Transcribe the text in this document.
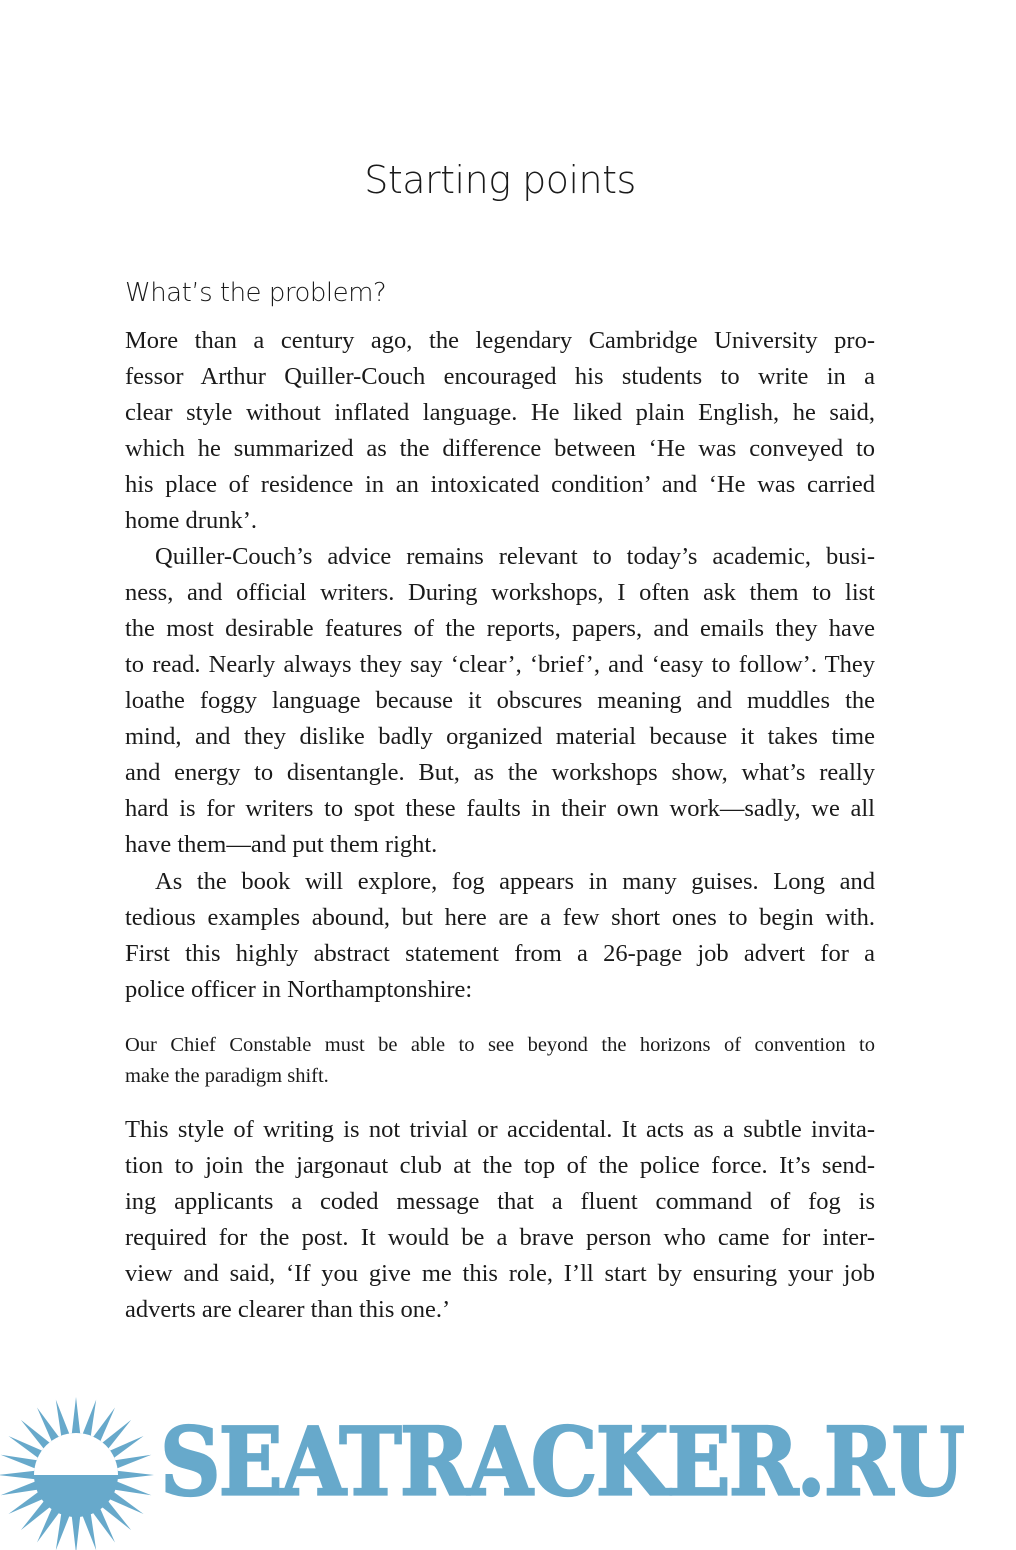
Starting points
What’s the problem?
More than a century ago, the legendary Cambridge University pro-
fessor Arthur Quiller-Couch encouraged his students to write in a
clear style without inflated language. He liked plain English, he said,
which he summarized as the difference between ‘He was conveyed to
his place of residence in an intoxicated condition’ and ‘He was carried
home drunk’.
Quiller-Couch’s advice remains relevant to today’s academic, busi-
ness, and official writers. During workshops, I often ask them to list
the most desirable features of the reports, papers, and emails they have
to read. Nearly always they say ‘clear’, ‘brief’, and ‘easy to follow’. They
loathe foggy language because it obscures meaning and muddles the
mind, and they dislike badly organized material because it takes time
and energy to disentangle. But, as the workshops show, what’s really
hard is for writers to spot these faults in their own work—sadly, we all
have them—and put them right.
As the book will explore, fog appears in many guises. Long and
tedious examples abound, but here are a few short ones to begin with.
First this highly abstract statement from a 26-page job advert for a
police officer in Northamptonshire:
Our Chief Constable must be able to see beyond the horizons of convention to
make the paradigm shift.
This style of writing is not trivial or accidental. It acts as a subtle invita-
tion to join the jargonaut club at the top of the police force. It’s send-
ing applicants a coded message that a fluent command of fog is
required for the post. It would be a brave person who came for inter-
view and said, ‘If you give me this role, I’ll start by ensuring your job
adverts are clearer than this one.’
SEATRACKER.RU
